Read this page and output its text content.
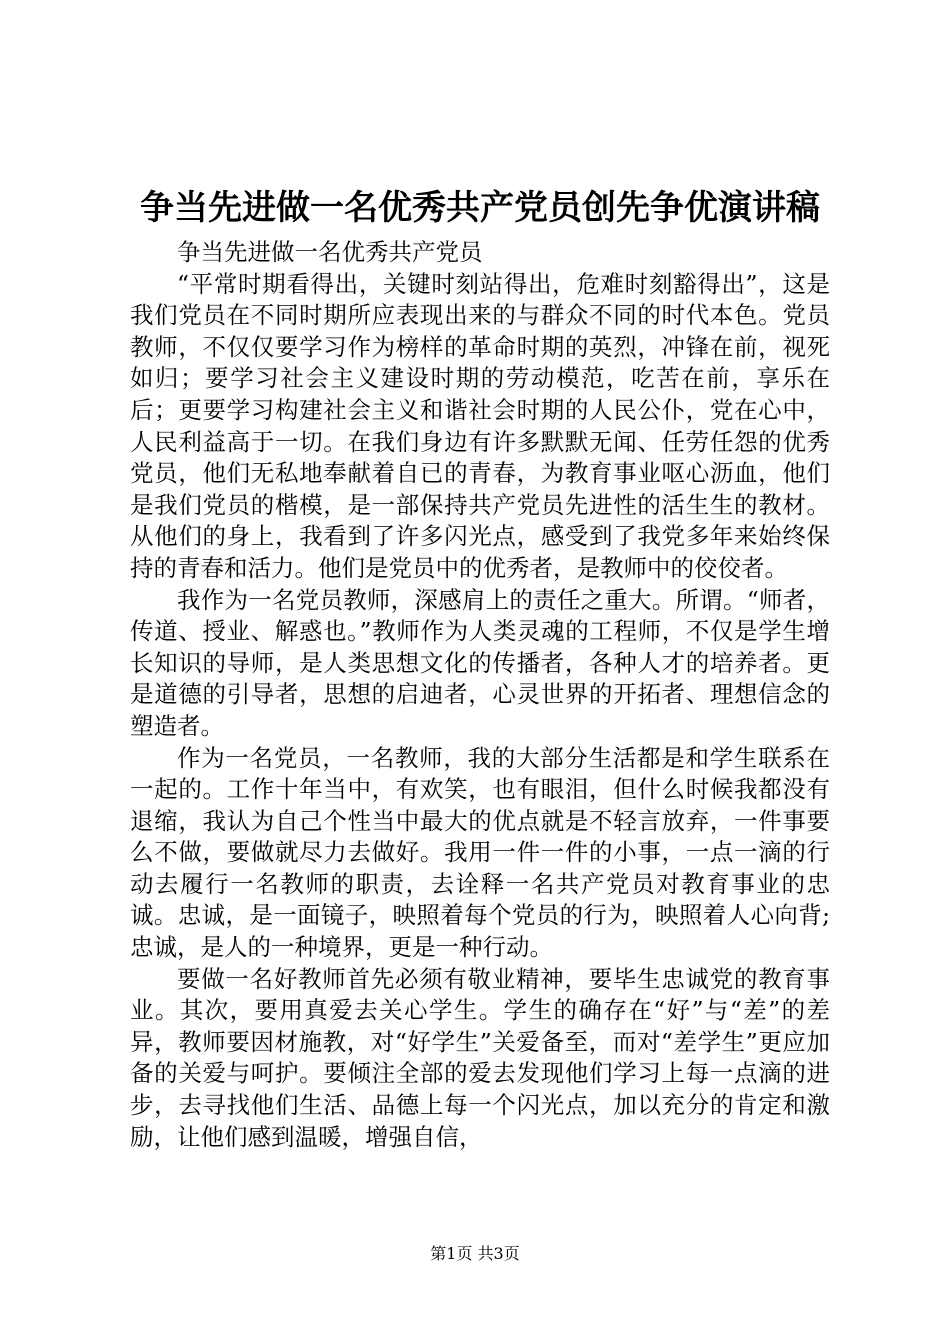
争当先进做一名优秀共产党员创先争优演讲稿

争当先进做一名优秀共产党员

“平常时期看得出，关键时刻站得出，危难时刻豁得出”，这是我们党员在不同时期所应表现出来的与群众不同的时代本色。党员教师，不仅仅要学习作为榜样的革命时期的英烈，冲锋在前，视死如归；要学习社会主义建设时期的劳动模范，吃苦在前，享乐在后；更要学习构建社会主义和谐社会时期的人民公仆，党在心中，人民利益高于一切。在我们身边有许多默默无闻、任劳任怨的优秀党员，他们无私地奉献着自已的青春，为教育事业呕心沥血，他们是我们党员的楷模，是一部保持共产党员先进性的活生生的教材。从他们的身上，我看到了许多闪光点，感受到了我党多年来始终保持的青春和活力。他们是党员中的优秀者，是教师中的佼佼者。

我作为一名党员教师，深感肩上的责任之重大。所谓。“师者，传道、授业、解惑也。”教师作为人类灵魂的工程师，不仅是学生增长知识的导师，是人类思想文化的传播者，各种人才的培养者。更是道德的引导者，思想的启迪者，心灵世界的开拓者、理想信念的塑造者。

作为一名党员，一名教师，我的大部分生活都是和学生联系在一起的。工作十年当中，有欢笑，也有眼泪，但什么时候我都没有退缩，我认为自己个性当中最大的优点就是不轻言放弃，一件事要么不做，要做就尽力去做好。我用一件一件的小事，一点一滴的行动去履行一名教师的职责，去诠释一名共产党员对教育事业的忠诚。忠诚，是一面镜子，映照着每个党员的行为，映照着人心向背;忠诚，是人的一种境界，更是一种行动。

要做一名好教师首先必须有敬业精神，要毕生忠诚党的教育事业。其次，要用真爱去关心学生。学生的确存在“好”与“差”的差异，教师要因材施教，对“好学生”关爱备至，而对“差学生”更应加备的关爱与呵护。要倾注全部的爱去发现他们学习上每一点滴的进步，去寻找他们生活、品德上每一个闪光点，加以充分的肯定和激励，让他们感到温暖，增强自信，

第1页 共3页
